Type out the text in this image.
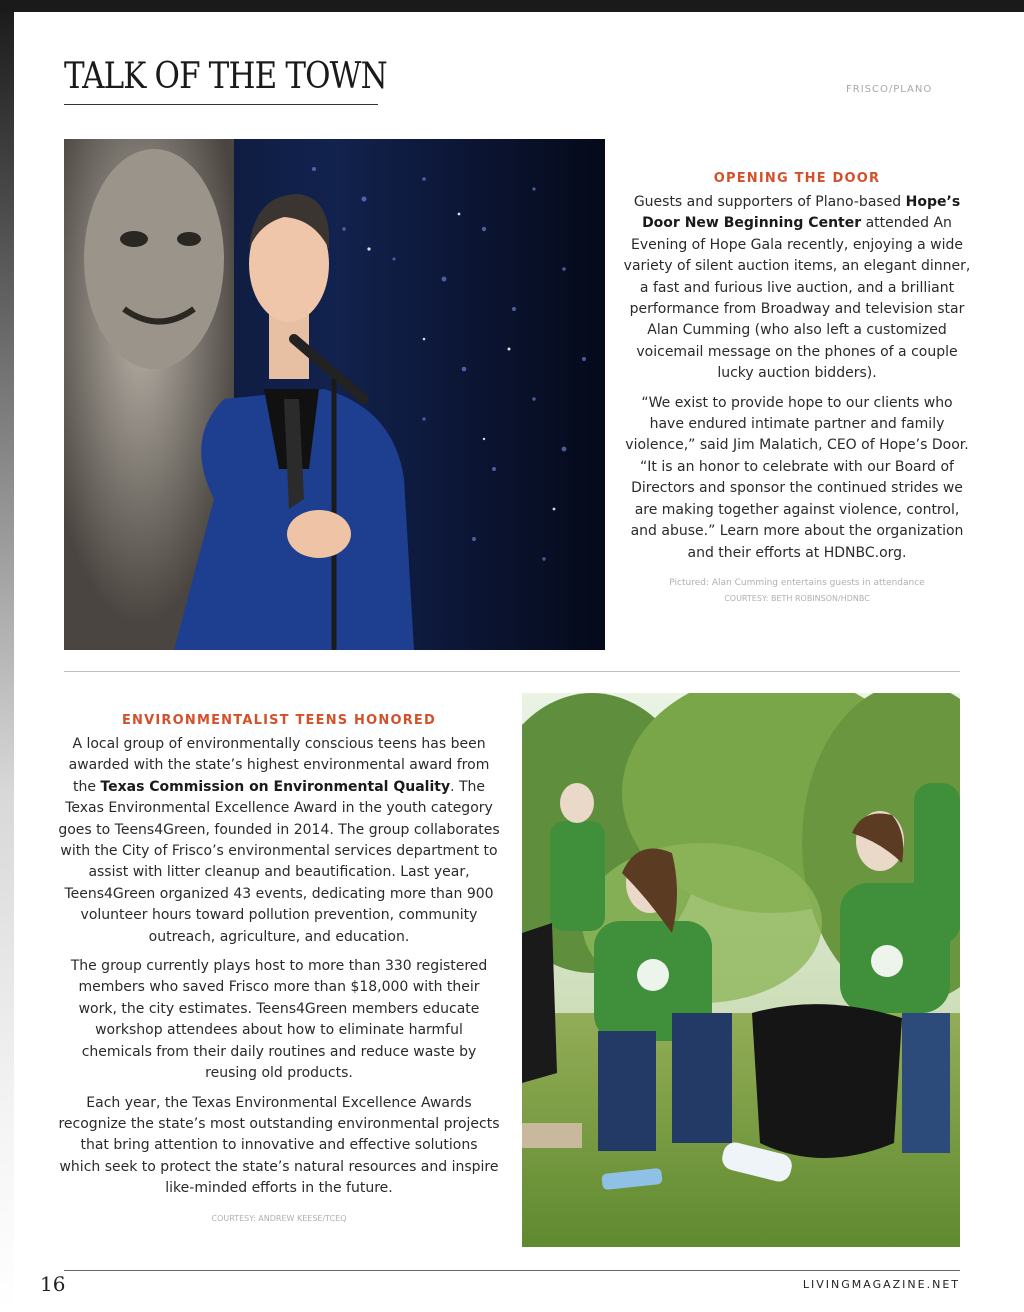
TALK OF THE TOWN	FRISCO/PLANO
OPENING THE DOOR

Guests and supporters of Plano-based Hope’s Door New Beginning Center attended An Evening of Hope Gala recently, enjoying a wide variety of silent auction items, an elegant dinner, a fast and furious live auction, and a brilliant performance from Broadway and television star Alan Cumming (who also left a customized voicemail message on the phones of a couple lucky auction bidders).

“We exist to provide hope to our clients who have endured intimate partner and family violence,” said Jim Malatich, CEO of Hope’s Door. “It is an honor to celebrate with our Board of Directors and sponsor the continued strides we are making together against violence, control, and abuse.” Learn more about the organization and their efforts at HDNBC.org.

Pictured: Alan Cumming entertains guests in attendance

COURTESY: BETH ROBINSON/HDNBC

ENVIRONMENTALIST TEENS HONORED

A local group of environmentally conscious teens has been awarded with the state’s highest environmental award from the Texas Commission on Environmental Quality. The Texas Environmental Excellence Award in the youth category goes to Teens4Green, founded in 2014. The group collaborates with the City of Frisco’s environmental services department to assist with litter cleanup and beautification. Last year, Teens4Green organized 43 events, dedicating more than 900 volunteer hours toward pollution prevention, community outreach, agriculture, and education.

The group currently plays host to more than 330 registered members who saved Frisco more than $18,000 with their work, the city estimates. Teens4Green members educate workshop attendees about how to eliminate harmful chemicals from their daily routines and reduce waste by reusing old products.

Each year, the Texas Environmental Excellence Awards recognize the state’s most outstanding environmental projects that bring attention to innovative and effective solutions which seek to protect the state’s natural resources and inspire like-minded efforts in the future.

COURTESY: ANDREW KEESE/TCEQ

16	LIVINGMAGAZINE.NET
